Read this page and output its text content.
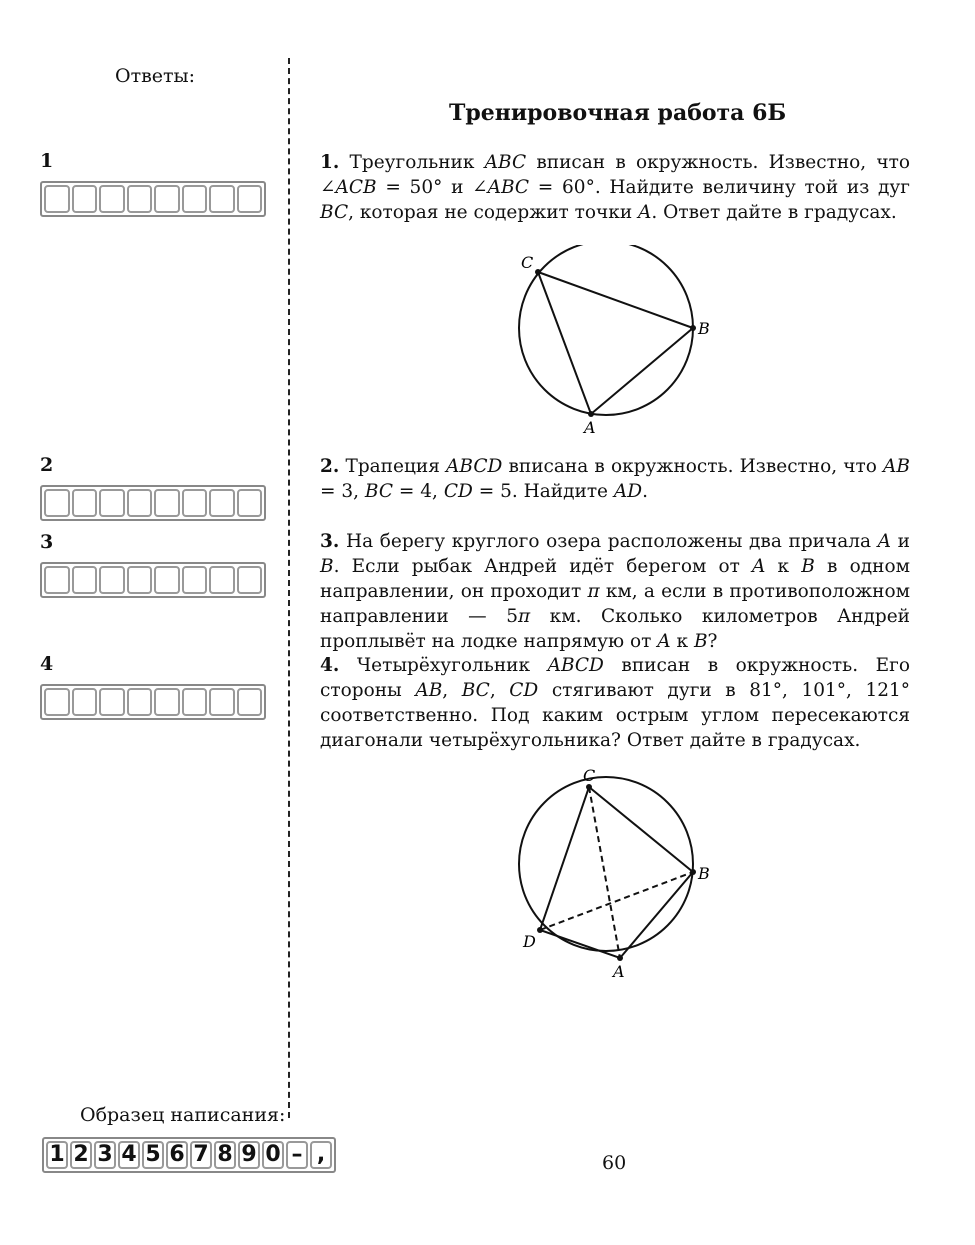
Ответы:
1
2
3
4
Образец написания:
1 2 3 4 5 6 7 8 9 0 – ,
Тренировочная работа 6Б
1. Треугольник ABC вписан в окружность. Известно, что ∠ACB = 50° и ∠ABC = 60°. Найдите величину той из дуг BC, которая не содержит точки A. Ответ дайте в градусах.
C
B
A
2. Трапеция ABCD вписана в окружность. Известно, что AB = 3, BC = 4, CD = 5. Найдите AD.
3. На берегу круглого озера расположены два причала A и B. Если рыбак Андрей идёт берегом от A к B в одном направлении, он проходит π км, а если в противоположном направлении — 5π км. Сколько километров Андрей проплывёт на лодке напрямую от A к B?
4. Четырёхугольник ABCD вписан в окружность. Его стороны AB, BC, CD стягивают дуги в 81°, 101°, 121° соответственно. Под каким острым углом пересекаются диагонали четырёхугольника? Ответ дайте в градусах.
C
B
A
D
60
